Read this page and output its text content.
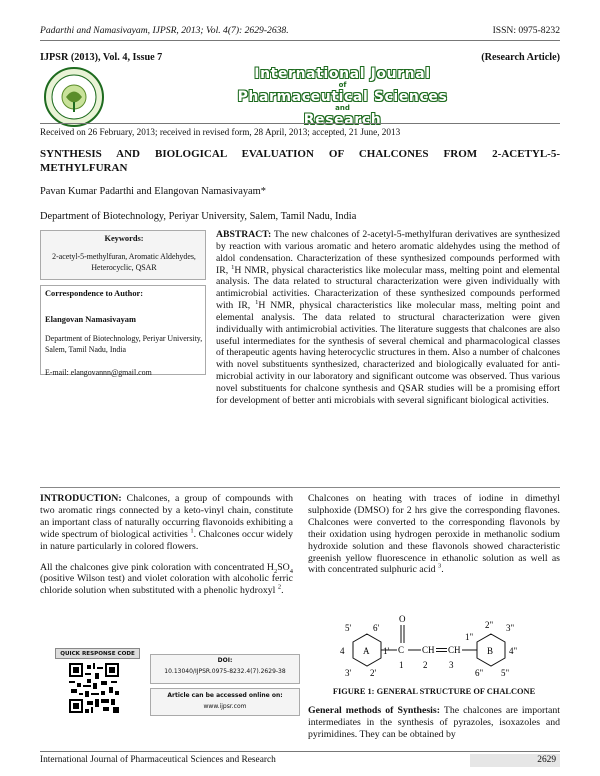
Padarthi and Namasivayam, IJPSR, 2013; Vol. 4(7): 2629-2638.	ISSN: 0975-8232
IJPSR (2013), Vol. 4, Issue 7	(Research Article)
International Journal
of
Pharmaceutical Sciences
and
Research
Received on 26 February, 2013; received in revised form, 28 April, 2013; accepted, 21 June, 2013
SYNTHESIS AND BIOLOGICAL EVALUATION OF CHALCONES FROM 2-ACETYL-5-METHYLFURAN
Pavan Kumar Padarthi and Elangovan Namasivayam*
Department of Biotechnology, Periyar University, Salem, Tamil Nadu, India
Keywords:
2-acetyl-5-methylfuran, Aromatic Aldehydes, Heterocyclic, QSAR
Correspondence to Author:
Elangovan Namasivayam
Department of Biotechnology, Periyar University, Salem, Tamil Nadu, India
E-mail: elangovannn@gmail.com
ABSTRACT: The new chalcones of 2-acetyl-5-methylfuran derivatives are synthesized by reaction with various aromatic and hetero aromatic aldehydes using the method of aldol condensation. Characterization of these synthesized compounds performed with IR, $^1$H NMR, physical characteristics like molecular mass, melting point and elemental analysis. The data related to structural characterization were given individually with antimicrobial activities. Characterization of these synthesized compounds performed with IR, $^1$H NMR, physical characteristics like molecular mass, melting point and elemental analysis. The data related to structural characterization were given individually with antimicrobial activities. The literature suggests that chalcones are also useful intermediates for the synthesis of several chemical and pharmacological classes of therapeutic agents having heterocyclic structures in them. Also a number of chalcones with novel substituents synthesized, characterized and biologically evaluated for anti-microbial activity in our laboratory and significant outcome was observed. Thus various novel substituents for chalcone synthesis and QSAR studies will be a promising effort for development of better anti microbials with several significant biological activities.

INTRODUCTION: Chalcones, a group of compounds with two aromatic rings connected by a keto-vinyl chain, constitute an important class of naturally occurring flavonoids exhibiting a wide spectrum of biological activities $^1$. Chalcones occur widely in nature particularly in colored flowers.

All the chalcones give pink coloration with concentrated $H_2SO_4$ (positive Wilson test) and violet coloration with alcoholic ferric chloride solution when substituted with a phenolic hydroxyl $^2$.

QUICK RESPONSE CODE
DOI:
10.13040/IJPSR.0975-8232.4(7).2629-38
Article can be accessed online on:
www.ijpsr.com

Chalcones on heating with traces of iodine in dimethyl sulphoxide (DMSO) for 2 hrs give the corresponding flavones. Chalcones were converted to the corresponding flavonols by their oxidation using hydrogen peroxide in methanolic sodium hydroxide solution and these flavonols showed characteristic greenish yellow fluorescence in ethanolic solution as well as with concentrated sulphuric acid $^3$.

A
5' 6'
4	1'
3' 2'
O
C CH CH
1 2 3
B
2" 3"
1"
4"
6" 5"
FIGURE 1: GENERAL STRUCTURE OF CHALCONE
General methods of Synthesis: The chalcones are important intermediates in the synthesis of pyrazoles, isoxazoles and pyrimidines. They can be obtained by
International Journal of Pharmaceutical Sciences and Research	2629
